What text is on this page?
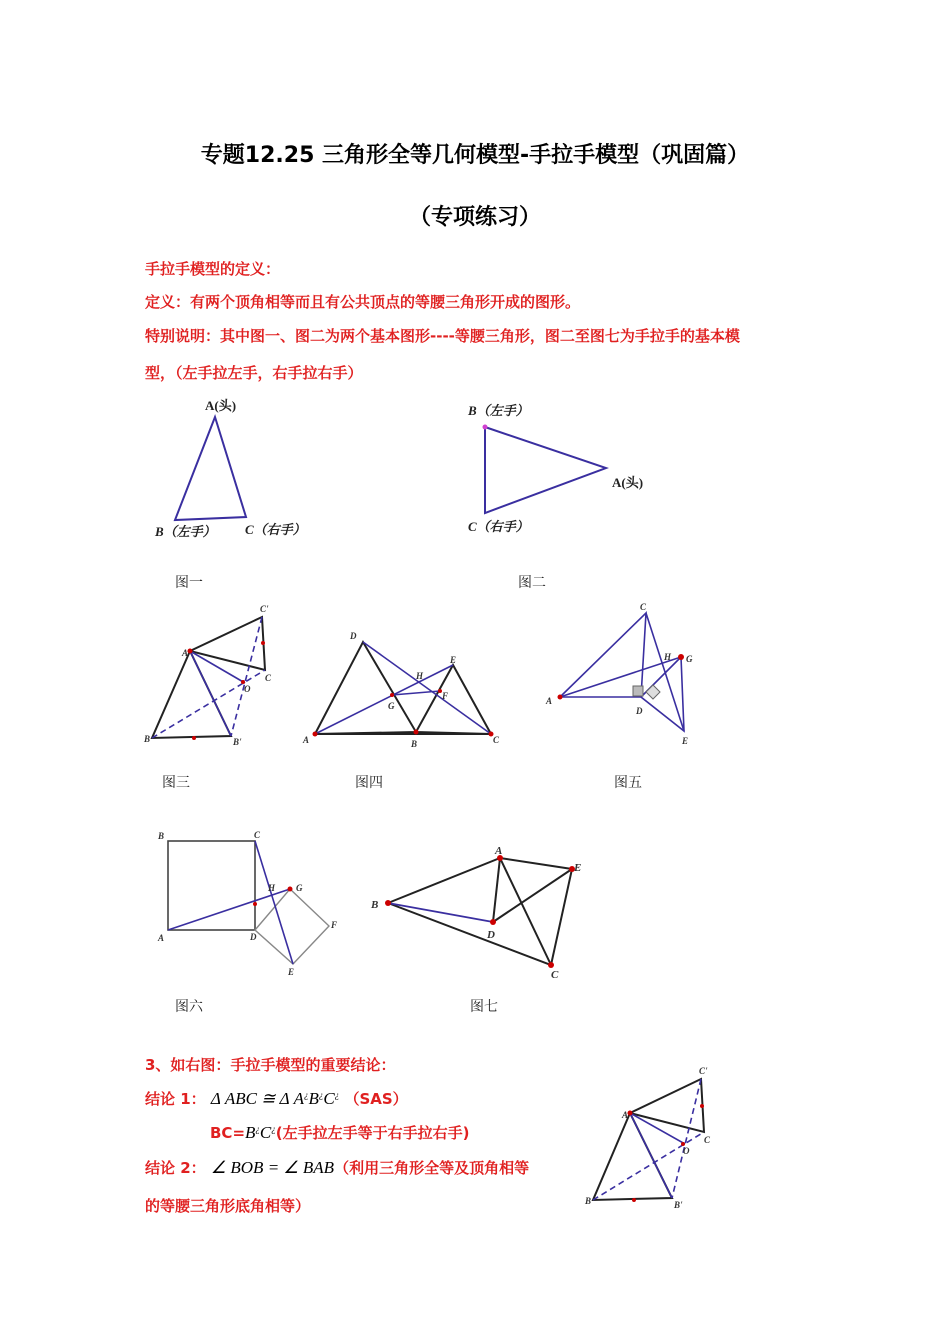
专题12.25 三角形全等几何模型-手拉手模型（巩固篇）
（专项练习）
手拉手模型的定义：
定义：有两个顶角相等而且有公共顶点的等腰三角形开成的图形。
特别说明：其中图一、图二为两个基本图形----等腰三角形，图二至图七为手拉手的基本模
型，（左手拉左手，右手拉右手）
A(头)
B（左手） C（右手）
图一
B（左手）
A(头)
C（右手）
图二
A
B	B'
C
C'
O
图三
D
A	B	C
E
F
G
H
图四
A
C
D
E
G
H
图五
B	C
A	D
E
F
G
H
图六
B
A
D
E
C
图七
3、如右图：手拉手模型的重要结论：
结论 1： Δ ABC ≅ Δ A¿B¿C¿ （SAS）
BC=B¿C¿(左手拉左手等于右手拉右手)
结论 2： ∠ BOB = ∠ BAB（利用三角形全等及顶角相等
的等腰三角形底角相等）
A
B	B'
C
C'
O
